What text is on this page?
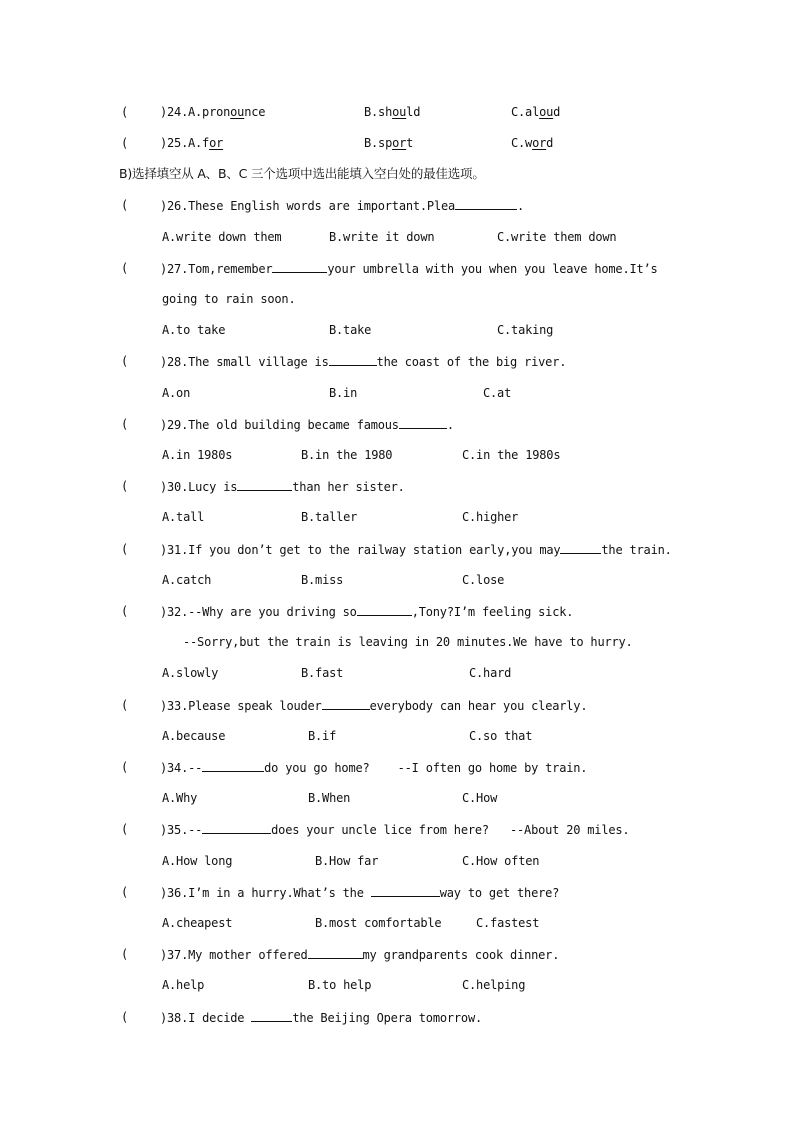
(	)24. A.pronounce	B.should	C.aloud
(	)25. A.for	B.sport	C.word
B)选择填空从 A、B、C 三个选项中选出能填入空白处的最佳选项。
(	)26.These English words are important.Plea	.
A.write down them	B.write it down	C.write them down
(	)27.Tom,remember	your umbrella with you when you leave home.It’s
going to rain soon.
A.to take	B.take	C.taking
(	)28.The small village is	the coast of the big river.
A.on	B.in	C.at
(	)29.The old building became famous	.
A.in 1980s	B.in the 1980	C.in the 1980s
(	)30.Lucy is	than her sister.
A.tall	B.taller	C.higher
(	)31.If you don’t get to the railway station early,you may	the train.
A.catch	B.miss	C.lose
(	)32.--Why are you driving so	,Tony?I’m feeling sick.
--Sorry,but the train is leaving in 20 minutes.We have to hurry.
A.slowly	B.fast	C.hard
(	)33.Please speak louder	everybody can hear you clearly.
A.because	B.if	C.so that
(	)34.--	do you go home?    --I often go home by train.
A.Why	B.When	C.How
(	)35.--	does your uncle lice from here?   --About 20 miles.
A.How long	B.How far	C.How often
(	)36.I’m in a hurry.What’s the	way to get there?
A.cheapest	B.most comfortable	C.fastest
(	)37.My mother offered	my grandparents cook dinner.
A.help	B.to help	C.helping
(	)38.I decide	the Beijing Opera tomorrow.
